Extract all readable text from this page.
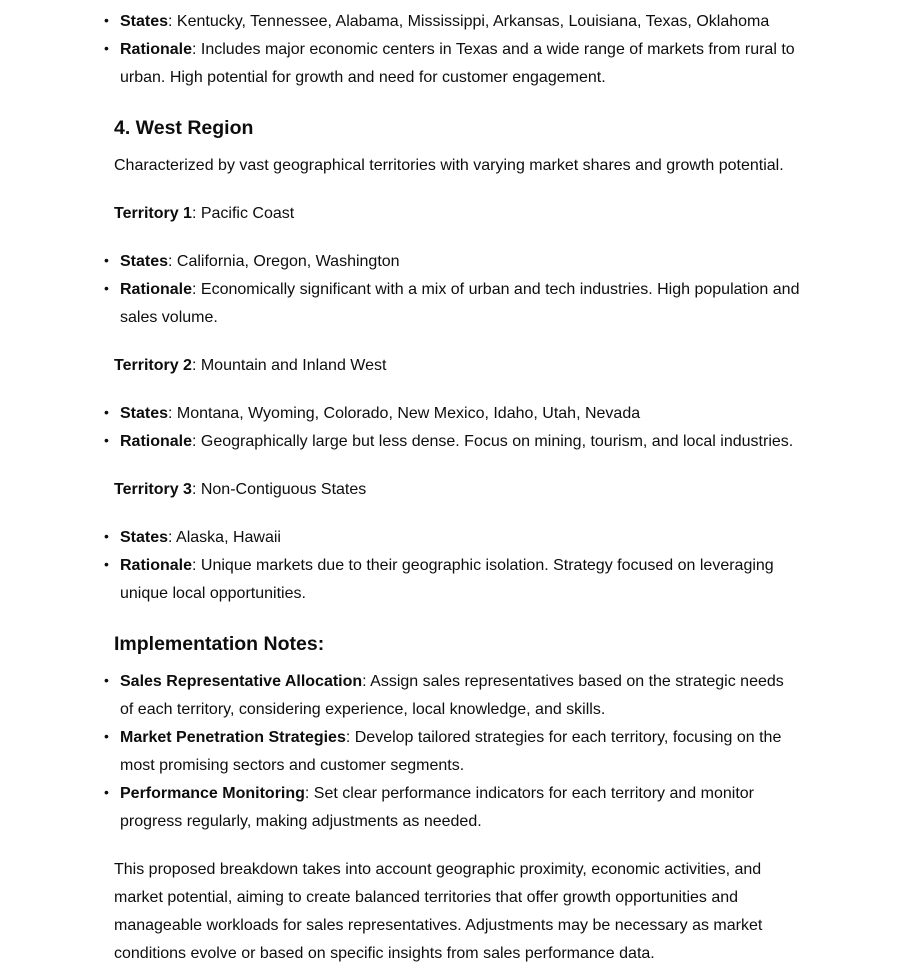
• States: Kentucky, Tennessee, Alabama, Mississippi, Arkansas, Louisiana, Texas, Oklahoma
• Rationale: Includes major economic centers in Texas and a wide range of markets from rural to urban. High potential for growth and need for customer engagement.
4. West Region

Characterized by vast geographical territories with varying market shares and growth potential.

Territory 1: Pacific Coast

• States: California, Oregon, Washington
• Rationale: Economically significant with a mix of urban and tech industries. High population and sales volume.

Territory 2: Mountain and Inland West

• States: Montana, Wyoming, Colorado, New Mexico, Idaho, Utah, Nevada
• Rationale: Geographically large but less dense. Focus on mining, tourism, and local industries.

Territory 3: Non-Contiguous States

• States: Alaska, Hawaii
• Rationale: Unique markets due to their geographic isolation. Strategy focused on leveraging unique local opportunities.
Implementation Notes:
• Sales Representative Allocation: Assign sales representatives based on the strategic needs of each territory, considering experience, local knowledge, and skills.
• Market Penetration Strategies: Develop tailored strategies for each territory, focusing on the most promising sectors and customer segments.
• Performance Monitoring: Set clear performance indicators for each territory and monitor progress regularly, making adjustments as needed.

This proposed breakdown takes into account geographic proximity, economic activities, and market potential, aiming to create balanced territories that offer growth opportunities and manageable workloads for sales representatives. Adjustments may be necessary as market conditions evolve or based on specific insights from sales performance data.
